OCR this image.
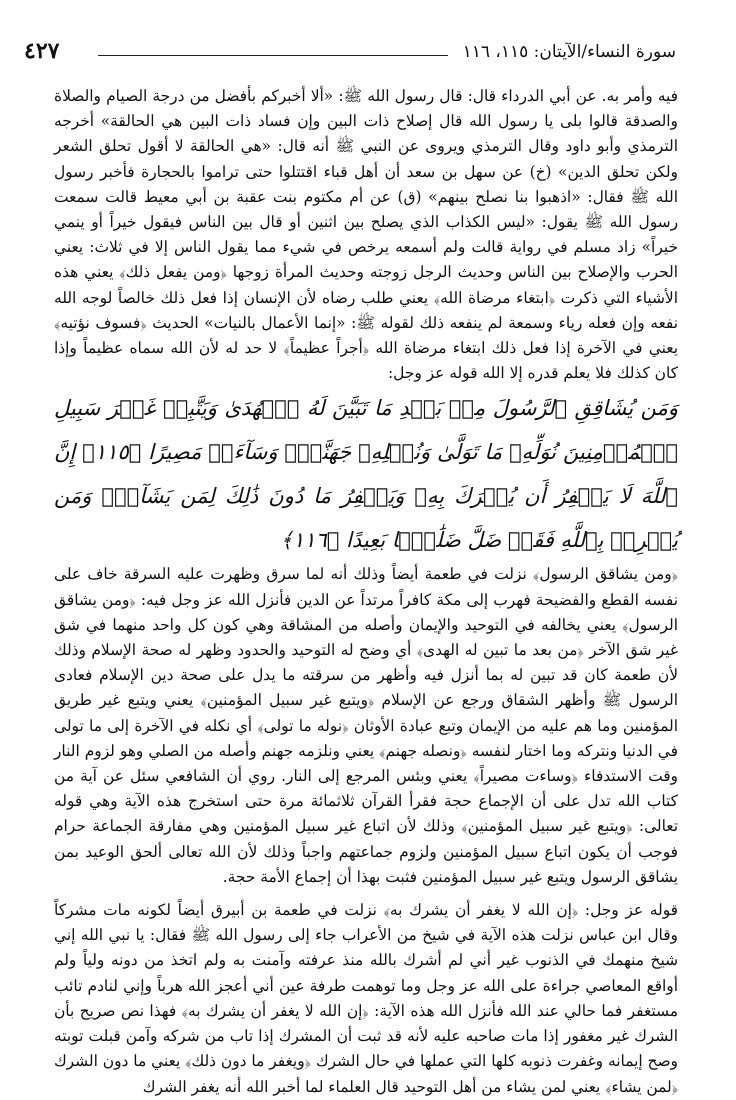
سورة النساء/الآيتان: ١١٥، ١١٦
٤٢٧

فيه وأمر به. عن أبي الدرداء قال: قال رسول الله ﷺ: «ألا أخبركم بأفضل من درجة الصيام والصلاة والصدقة قالوا بلى يا رسول الله قال إصلاح ذات البين وإن فساد ذات البين هي الحالقة» أخرجه الترمذي وأبو داود وقال الترمذي ويروى عن النبي ﷺ أنه قال: «هي الحالقة لا أقول تحلق الشعر ولكن تحلق الدين» (خ) عن سهل بن سعد أن أهل قباء اقتتلوا حتى تراموا بالحجارة فأخبر رسول الله ﷺ فقال: «اذهبوا بنا نصلح بينهم» (ق) عن أم مكتوم بنت عقبة بن أبي معيط قالت سمعت رسول الله ﷺ يقول: «ليس الكذاب الذي يصلح بين اثنين أو قال بين الناس فيقول خيراً أو ينمي خيراً» زاد مسلم في رواية قالت ولم أسمعه يرخص في شيء مما يقول الناس إلا في ثلاث: يعني الحرب والإصلاح بين الناس وحديث الرجل زوجته وحديث المرأة زوجها ﴿ومن يفعل ذلك﴾ يعني هذه الأشياء التي ذكرت ﴿ابتغاء مرضاة الله﴾ يعني طلب رضاه لأن الإنسان إذا فعل ذلك خالصاً لوجه الله نفعه وإن فعله رياء وسمعة لم ينفعه ذلك لقوله ﷺ: «إنما الأعمال بالنيات» الحديث ﴿فسوف نؤتيه﴾ يعني في الآخرة إذا فعل ذلك ابتغاء مرضاة الله ﴿أجراً عظيماً﴾ لا حد له لأن الله سماه عظيماً وإذا كان كذلك فلا يعلم قدره إلا الله قوله عز وجل:

وَمَن يُشَاقِقِ ٱلرَّسُولَ مِنۢ بَعۡدِ مَا تَبَيَّنَ لَهُ ٱلۡهُدَىٰ وَيَتَّبِعۡ غَيۡرَ سَبِيلِ ٱلۡمُؤۡمِنِينَ نُوَلِّهِۦ مَا تَوَلَّىٰ وَنُصۡلِهِۦ جَهَنَّمَۖ وَسَآءَتۡ مَصِيرًا ﴿١١٥﴾ إِنَّ ٱللَّهَ لَا يَغۡفِرُ أَن يُشۡرَكَ بِهِۦ وَيَغۡفِرُ مَا دُونَ ذَٰلِكَ لِمَن يَشَآءُۚ وَمَن يُشۡرِكۡ بِٱللَّهِ فَقَدۡ ضَلَّ ضَلَٰلَۢا بَعِيدًا ﴿١١٦﴾

﴿ومن يشاقق الرسول﴾ نزلت في طعمة أيضاً وذلك أنه لما سرق وظهرت عليه السرقة خاف على نفسه القطع والفضيحة فهرب إلى مكة كافراً مرتداً عن الدين فأنزل الله عز وجل فيه: ﴿ومن يشاقق الرسول﴾ يعني يخالفه في التوحيد والإيمان وأصله من المشاقة وهي كون كل واحد منهما في شق غير شق الآخر ﴿من بعد ما تبين له الهدى﴾ أي وضح له التوحيد والحدود وظهر له صحة الإسلام وذلك لأن طعمة كان قد تبين له بما أنزل فيه وأظهر من سرقته ما يدل على صحة دين الإسلام فعادى الرسول ﷺ وأظهر الشقاق ورجع عن الإسلام ﴿ويتبع غير سبيل المؤمنين﴾ يعني ويتبع غير طريق المؤمنين وما هم عليه من الإيمان وتبع عبادة الأوثان ﴿نوله ما تولى﴾ أي نكله في الآخرة إلى ما تولى في الدنيا ونتركه وما اختار لنفسه ﴿ونصله جهنم﴾ يعني ونلزمه جهنم وأصله من الصلي وهو لزوم النار وقت الاستدفاء ﴿وساءت مصيراً﴾ يعني وبئس المرجع إلى النار. روي أن الشافعي سئل عن آية من كتاب الله تدل على أن الإجماع حجة فقرأ القرآن ثلاثمائة مرة حتى استخرج هذه الآية وهي قوله تعالى: ﴿ويتبع غير سبيل المؤمنين﴾ وذلك لأن اتباع غير سبيل المؤمنين وهي مفارقة الجماعة حرام فوجب أن يكون اتباع سبيل المؤمنين ولزوم جماعتهم واجباً وذلك لأن الله تعالى ألحق الوعيد بمن يشاقق الرسول ويتبع غير سبيل المؤمنين فثبت بهذا أن إجماع الأمة حجة.

قوله عز وجل: ﴿إن الله لا يغفر أن يشرك به﴾ نزلت في طعمة بن أبيرق أيضاً لكونه مات مشركاً وقال ابن عباس نزلت هذه الآية في شيخ من الأعراب جاء إلى رسول الله ﷺ فقال: يا نبي الله إني شيخ منهمك في الذنوب غير أني لم أشرك بالله منذ عرفته وآمنت به ولم اتخذ من دونه ولياً ولم أواقع المعاصي جراءة على الله عز وجل وما توهمت طرفة عين أني أعجز الله هرباً وإني لنادم تائب مستغفر فما حالي عند الله فأنزل الله هذه الآية: ﴿إن الله لا يغفر أن يشرك به﴾ فهذا نص صريح بأن الشرك غير مغفور إذا مات صاحبه عليه لأنه قد ثبت أن المشرك إذا تاب من شركه وآمن قبلت توبته وصح إيمانه وغفرت ذنوبه كلها التي عملها في حال الشرك ﴿ويغفر ما دون ذلك﴾ يعني ما دون الشرك ﴿لمن يشاء﴾ يعني لمن يشاء من أهل التوحيد قال العلماء لما أخبر الله أنه يغفر الشرك
